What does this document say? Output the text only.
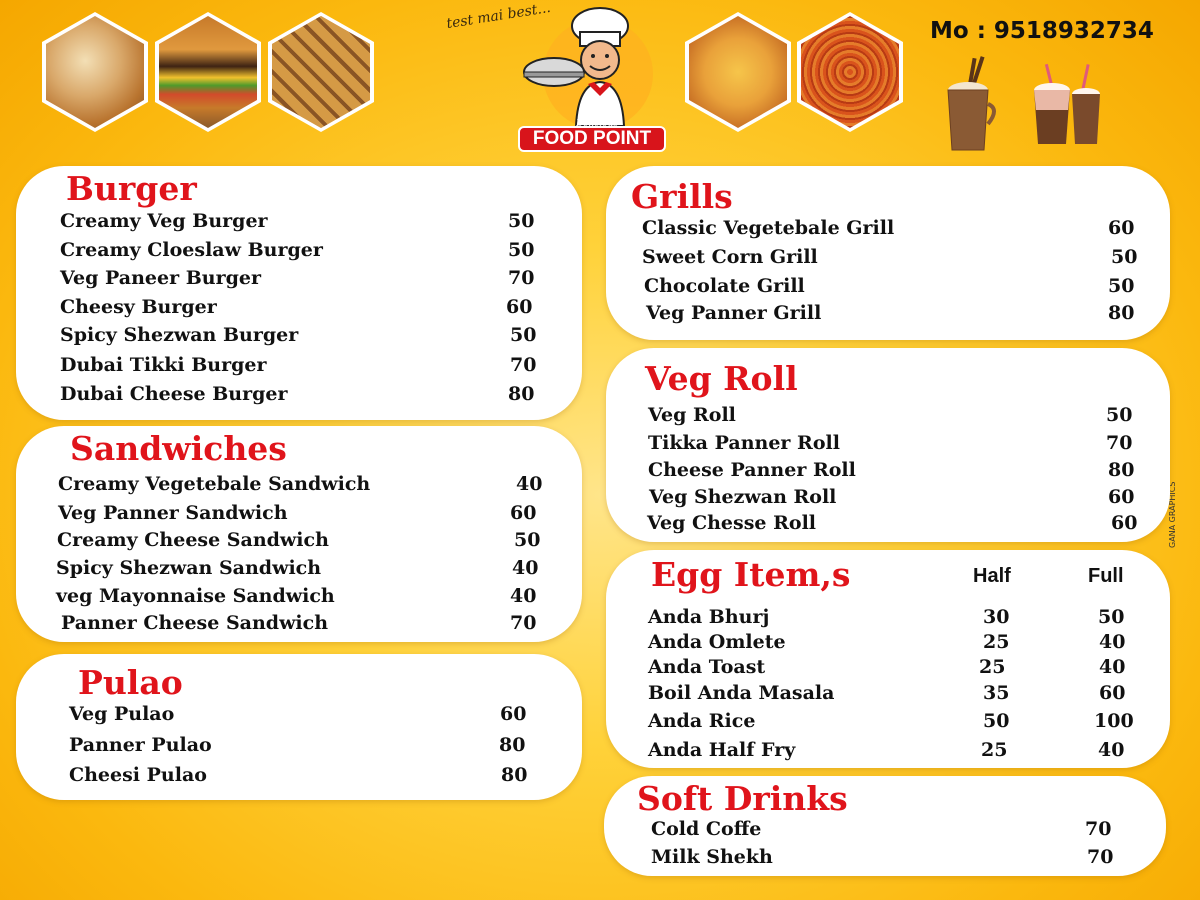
test mai best...
FOOD POINT
Delicious
Mo : 9518932734
GANA GRAPHICS
Burger
Creamy Veg Burger	50
Creamy Cloeslaw Burger	50
Veg Paneer Burger	70
Cheesy Burger	60
Spicy Shezwan Burger	50
Dubai Tikki Burger	70
Dubai Cheese Burger	80
Sandwiches
Creamy Vegetebale Sandwich	40
Veg Panner Sandwich	60
Creamy Cheese Sandwich	50
Spicy Shezwan Sandwich	40
veg Mayonnaise Sandwich	40
Panner Cheese Sandwich	70
Pulao
Veg Pulao	60
Panner Pulao	80
Cheesi Pulao	80
Grills
Classic Vegetebale Grill	60
Sweet Corn Grill	50
Chocolate Grill	50
Veg Panner Grill	80
Veg Roll
Veg Roll	50
Tikka Panner Roll	70
Cheese Panner Roll	80
Veg Shezwan Roll	60
Veg Chesse Roll	60
Egg Item,s	Half	Full
Anda Bhurj	30	50
Anda Omlete	25	40
Anda Toast	25	40
Boil Anda Masala	35	60
Anda Rice	50	100
Anda Half Fry	25	40
Soft Drinks
Cold Coffe	70
Milk Shekh	70
